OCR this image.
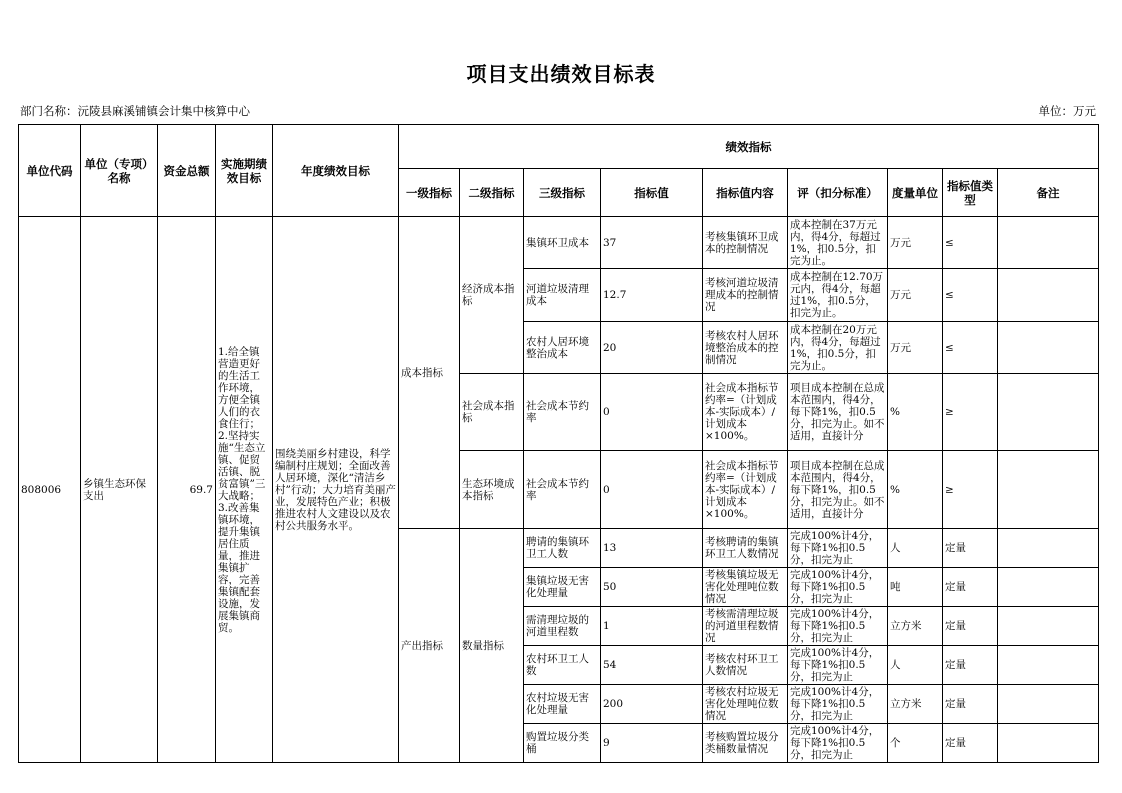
项目支出绩效目标表
部门名称：沅陵县麻溪铺镇会计集中核算中心	单位：万元
单位代码	单位（专项）名称	资金总额	实施期绩效目标	年度绩效目标	绩效指标								
					一级指标	二级指标	三级指标	指标值	指标值内容	评（扣分标准）	度量单位	指标值类型	备注
808006	乡镇生态环保支出	69.7	1.给全镇营造更好的生活工作环境，方便全镇人们的衣食住行；2.坚持实施“生态立镇、促贸活镇、脱贫富镇”三大战略；3.改善集镇环境，提升集镇居住质量，推进集镇扩容，完善集镇配套设施，发展集镇商贸。	围绕美丽乡村建设，科学编制村庄规划；全面改善人居环境，深化“清洁乡村”行动；大力培育美丽产业，发展特色产业；积极推进农村人文建设以及农村公共服务水平。	成本指标	经济成本指标	集镇环卫成本	37	考核集镇环卫成本的控制情况	成本控制在37万元内，得4分，每超过1%，扣0.5分，扣完为止。	万元	≤	
							河道垃圾清理成本	12.7	考核河道垃圾清理成本的控制情况	成本控制在12.70万元内，得4分，每超过1%，扣0.5分，扣完为止。	万元	≤	
							农村人居环境整治成本	20	考核农村人居环境整治成本的控制情况	成本控制在20万元内，得4分，每超过1%，扣0.5分，扣完为止。	万元	≤	
						社会成本指标	社会成本节约率	0	社会成本指标节约率=（计划成本-实际成本）/计划成本×100%。	项目成本控制在总成本范围内，得4分，每下降1%，扣0.5分，扣完为止。如不适用，直接计分	%	≥	
						生态环境成本指标	社会成本节约率	0	社会成本指标节约率=（计划成本-实际成本）/计划成本×100%。	项目成本控制在总成本范围内，得4分，每下降1%，扣0.5分，扣完为止。如不适用，直接计分	%	≥	
					产出指标	数量指标	聘请的集镇环卫工人数	13	考核聘请的集镇环卫工人数情况	完成100%计4分，每下降1%扣0.5分，扣完为止	人	定量	
							集镇垃圾无害化处理量	50	考核集镇垃圾无害化处理吨位数情况	完成100%计4分，每下降1%扣0.5分，扣完为止	吨	定量	
							需清理垃圾的河道里程数	1	考核需清理垃圾的河道里程数情况	完成100%计4分，每下降1%扣0.5分，扣完为止	立方米	定量	
							农村环卫工人数	54	考核农村环卫工人数情况	完成100%计4分，每下降1%扣0.5分，扣完为止	人	定量	
							农村垃圾无害化处理量	200	考核农村垃圾无害化处理吨位数情况	完成100%计4分，每下降1%扣0.5分，扣完为止	立方米	定量	
							购置垃圾分类桶	9	考核购置垃圾分类桶数量情况	完成100%计4分，每下降1%扣0.5分，扣完为止	个	定量	
